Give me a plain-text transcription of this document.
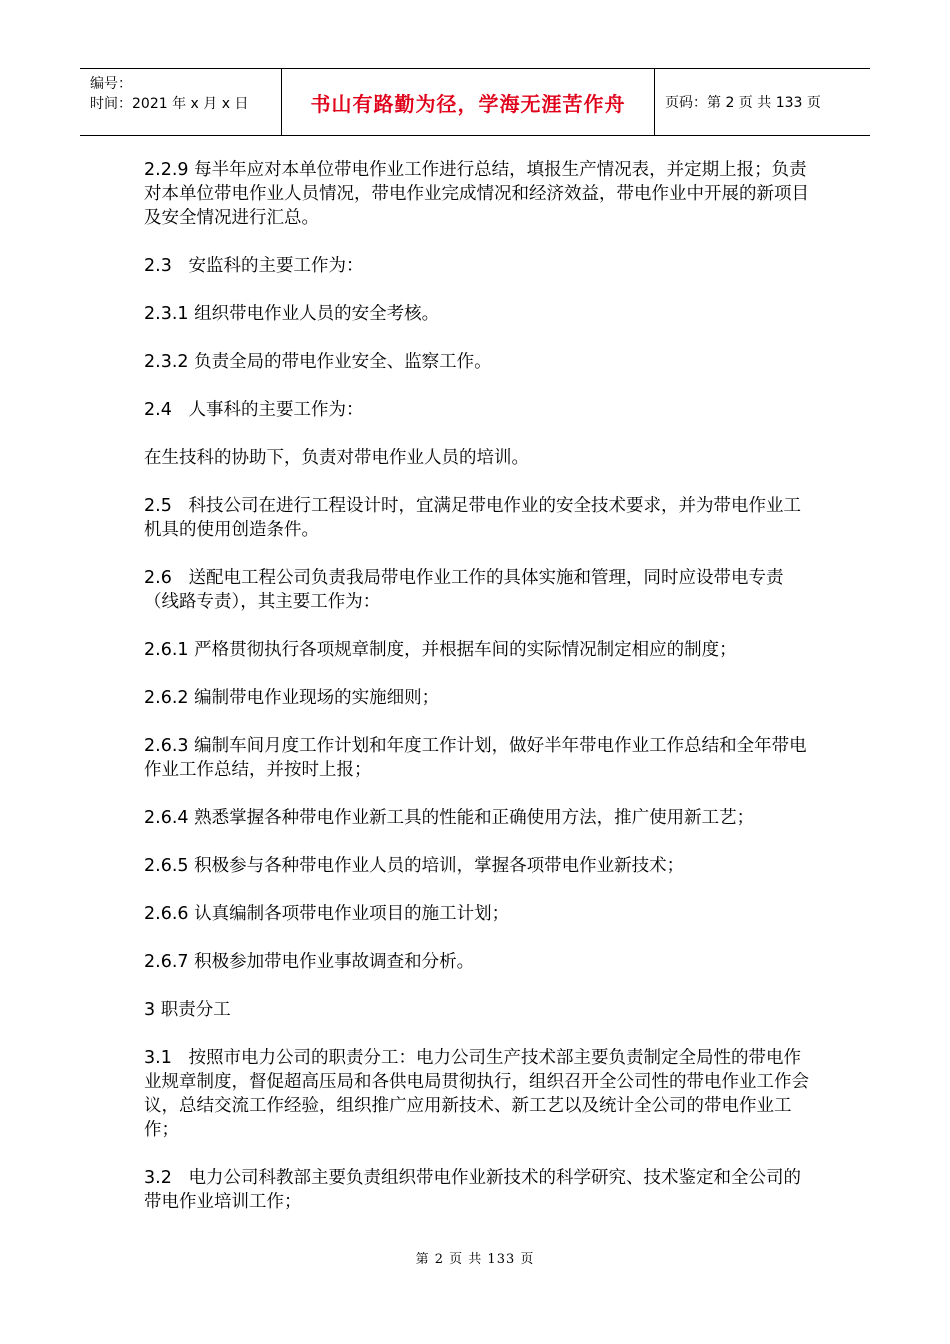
编号：
时间：2021 年 x 月 x 日	书山有路勤为径，学海无涯苦作舟	页码：第 2 页 共 133 页

2.2.9 每半年应对本单位带电作业工作进行总结，填报生产情况表，并定期上报；负责对本单位带电作业人员情况，带电作业完成情况和经济效益，带电作业中开展的新项目及安全情况进行汇总。

2.3   安监科的主要工作为：

2.3.1 组织带电作业人员的安全考核。

2.3.2 负责全局的带电作业安全、监察工作。

2.4   人事科的主要工作为：

在生技科的协助下，负责对带电作业人员的培训。

2.5   科技公司在进行工程设计时，宜满足带电作业的安全技术要求，并为带电作业工机具的使用创造条件。

2.6   送配电工程公司负责我局带电作业工作的具体实施和管理，同时应设带电专责（线路专责），其主要工作为：

2.6.1 严格贯彻执行各项规章制度，并根据车间的实际情况制定相应的制度；

2.6.2 编制带电作业现场的实施细则；

2.6.3 编制车间月度工作计划和年度工作计划，做好半年带电作业工作总结和全年带电作业工作总结，并按时上报；

2.6.4 熟悉掌握各种带电作业新工具的性能和正确使用方法，推广使用新工艺；

2.6.5 积极参与各种带电作业人员的培训，掌握各项带电作业新技术；

2.6.6 认真编制各项带电作业项目的施工计划；

2.6.7 积极参加带电作业事故调查和分析。

3 职责分工

3.1   按照市电力公司的职责分工：电力公司生产技术部主要负责制定全局性的带电作业规章制度，督促超高压局和各供电局贯彻执行，组织召开全公司性的带电作业工作会议，总结交流工作经验，组织推广应用新技术、新工艺以及统计全公司的带电作业工作；

3.2   电力公司科教部主要负责组织带电作业新技术的科学研究、技术鉴定和全公司的带电作业培训工作；

第 2 页 共 133 页
